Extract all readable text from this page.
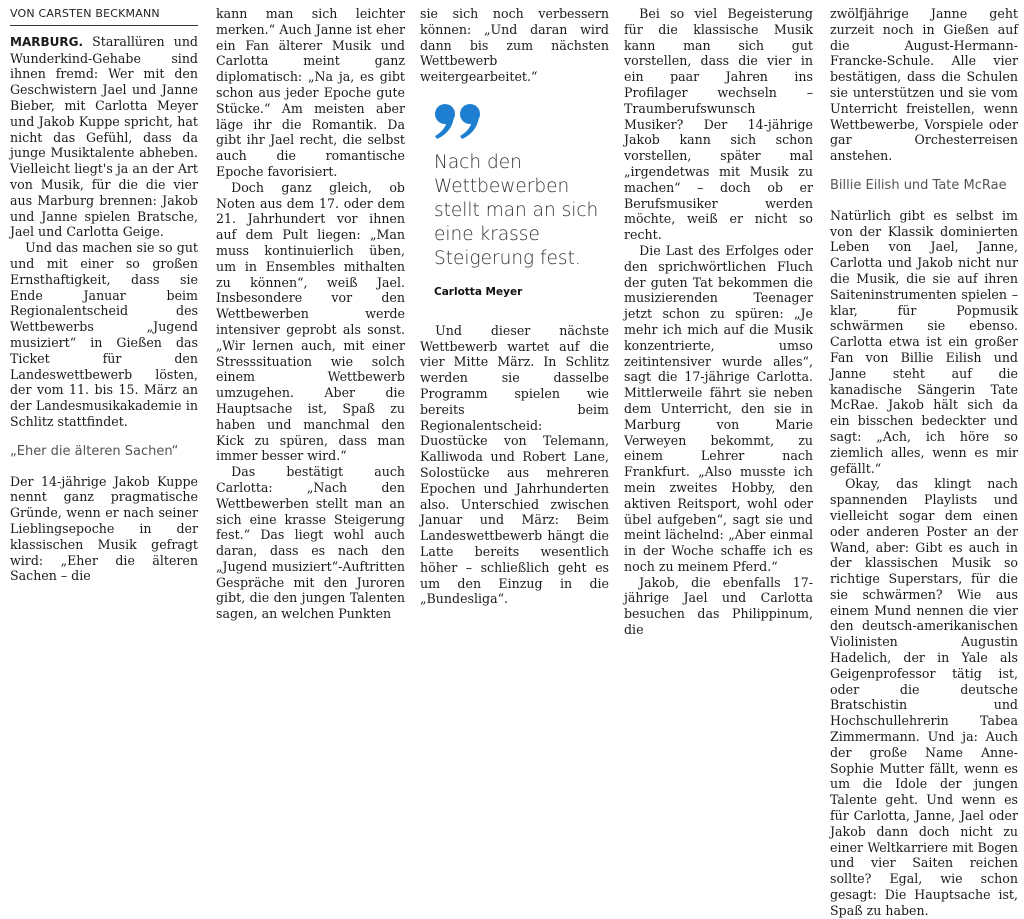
VON CARSTEN BECKMANN

MARBURG. Starallüren und Wunderkind-Gehabe sind ihnen fremd: Wer mit den Geschwistern Jael und Janne Bieber, mit Carlotta Meyer und Jakob Kuppe spricht, hat nicht das Gefühl, dass da junge Musiktalente abheben. Vielleicht liegt's ja an der Art von Musik, für die die vier aus Marburg brennen: Jakob und Janne spielen Bratsche, Jael und Carlotta Geige.

Und das machen sie so gut und mit einer so großen Ernsthaftigkeit, dass sie Ende Januar beim Regionalentscheid des Wettbewerbs „Jugend musiziert“ in Gießen das Ticket für den Landeswettbewerb lösten, der vom 11. bis 15. März an der Landesmusikakademie in Schlitz stattfindet.

„Eher die älteren Sachen“

Der 14-jährige Jakob Kuppe nennt ganz pragmatische Gründe, wenn er nach seiner Lieblingsepoche in der klassischen Musik gefragt wird: „Eher die älteren Sachen – die

kann man sich leichter merken.“ Auch Janne ist eher ein Fan älterer Musik und Carlotta meint ganz diplomatisch: „Na ja, es gibt schon aus jeder Epoche gute Stücke.“ Am meisten aber läge ihr die Romantik. Da gibt ihr Jael recht, die selbst auch die romantische Epoche favorisiert.

Doch ganz gleich, ob Noten aus dem 17. oder dem 21. Jahrhundert vor ihnen auf dem Pult liegen: „Man muss kontinuierlich üben, um in Ensembles mithalten zu können“, weiß Jael. Insbesondere vor den Wettbewerben werde intensiver geprobt als sonst. „Wir lernen auch, mit einer Stresssituation wie solch einem Wettbewerb umzugehen. Aber die Hauptsache ist, Spaß zu haben und manchmal den Kick zu spüren, dass man immer besser wird.“

Das bestätigt auch Carlotta: „Nach den Wettbewerben stellt man an sich eine krasse Steigerung fest.“ Das liegt wohl auch daran, dass es nach den „Jugend musiziert“-Auftritten Gespräche mit den Juroren gibt, die den jungen Talenten sagen, an welchen Punkten

sie sich noch verbessern können: „Und daran wird dann bis zum nächsten Wettbewerb weitergearbeitet.“

Nach den Wettbewerben stellt man an sich eine krasse Steigerung fest.
Carlotta Meyer

Und dieser nächste Wettbewerb wartet auf die vier Mitte März. In Schlitz werden sie dasselbe Programm spielen wie bereits beim Regionalentscheid: Duostücke von Telemann, Kalliwoda und Robert Lane, Solostücke aus mehreren Epochen und Jahrhunderten also. Unterschied zwischen Januar und März: Beim Landeswettbewerb hängt die Latte bereits wesentlich höher – schließlich geht es um den Einzug in die „Bundesliga“.

Bei so viel Begeisterung für die klassische Musik kann man sich gut vorstellen, dass die vier in ein paar Jahren ins Profilager wechseln – Traumberufswunsch Musiker? Der 14-jährige Jakob kann sich schon vorstellen, später mal „irgendetwas mit Musik zu machen“ – doch ob er Berufsmusiker werden möchte, weiß er nicht so recht.

Die Last des Erfolges oder den sprichwörtlichen Fluch der guten Tat bekommen die musizierenden Teenager jetzt schon zu spüren: „Je mehr ich mich auf die Musik konzentrierte, umso zeitintensiver wurde alles“, sagt die 17-jährige Carlotta. Mittlerweile fährt sie neben dem Unterricht, den sie in Marburg von Marie Verweyen bekommt, zu einem Lehrer nach Frankfurt. „Also musste ich mein zweites Hobby, den aktiven Reitsport, wohl oder übel aufgeben“, sagt sie und meint lächelnd: „Aber einmal in der Woche schaffe ich es noch zu meinem Pferd.“

Jakob, die ebenfalls 17-jährige Jael und Carlotta besuchen das Philippinum, die

zwölfjährige Janne geht zurzeit noch in Gießen auf die August-Hermann-Francke-Schule. Alle vier bestätigen, dass die Schulen sie unterstützen und sie vom Unterricht freistellen, wenn Wettbewerbe, Vorspiele oder gar Orchesterreisen anstehen.

Billie Eilish und Tate McRae

Natürlich gibt es selbst im von der Klassik dominierten Leben von Jael, Janne, Carlotta und Jakob nicht nur die Musik, die sie auf ihren Saiteninstrumenten spielen – klar, für Popmusik schwärmen sie ebenso. Carlotta etwa ist ein großer Fan von Billie Eilish und Janne steht auf die kanadische Sängerin Tate McRae. Jakob hält sich da ein bisschen bedeckter und sagt: „Ach, ich höre so ziemlich alles, wenn es mir gefällt.“

Okay, das klingt nach spannenden Playlists und vielleicht sogar dem einen oder anderen Poster an der Wand, aber: Gibt es auch in der klassischen Musik so richtige Superstars, für die sie schwärmen? Wie aus einem Mund nennen die vier den deutsch-amerikanischen Violinisten Augustin Hadelich, der in Yale als Geigenprofessor tätig ist, oder die deutsche Bratschistin und Hochschullehrerin Tabea Zimmermann. Und ja: Auch der große Name Anne-Sophie Mutter fällt, wenn es um die Idole der jungen Talente geht. Und wenn es für Carlotta, Janne, Jael oder Jakob dann doch nicht zu einer Weltkarriere mit Bogen und vier Saiten reichen sollte? Egal, wie schon gesagt: Die Hauptsache ist, Spaß zu haben.
